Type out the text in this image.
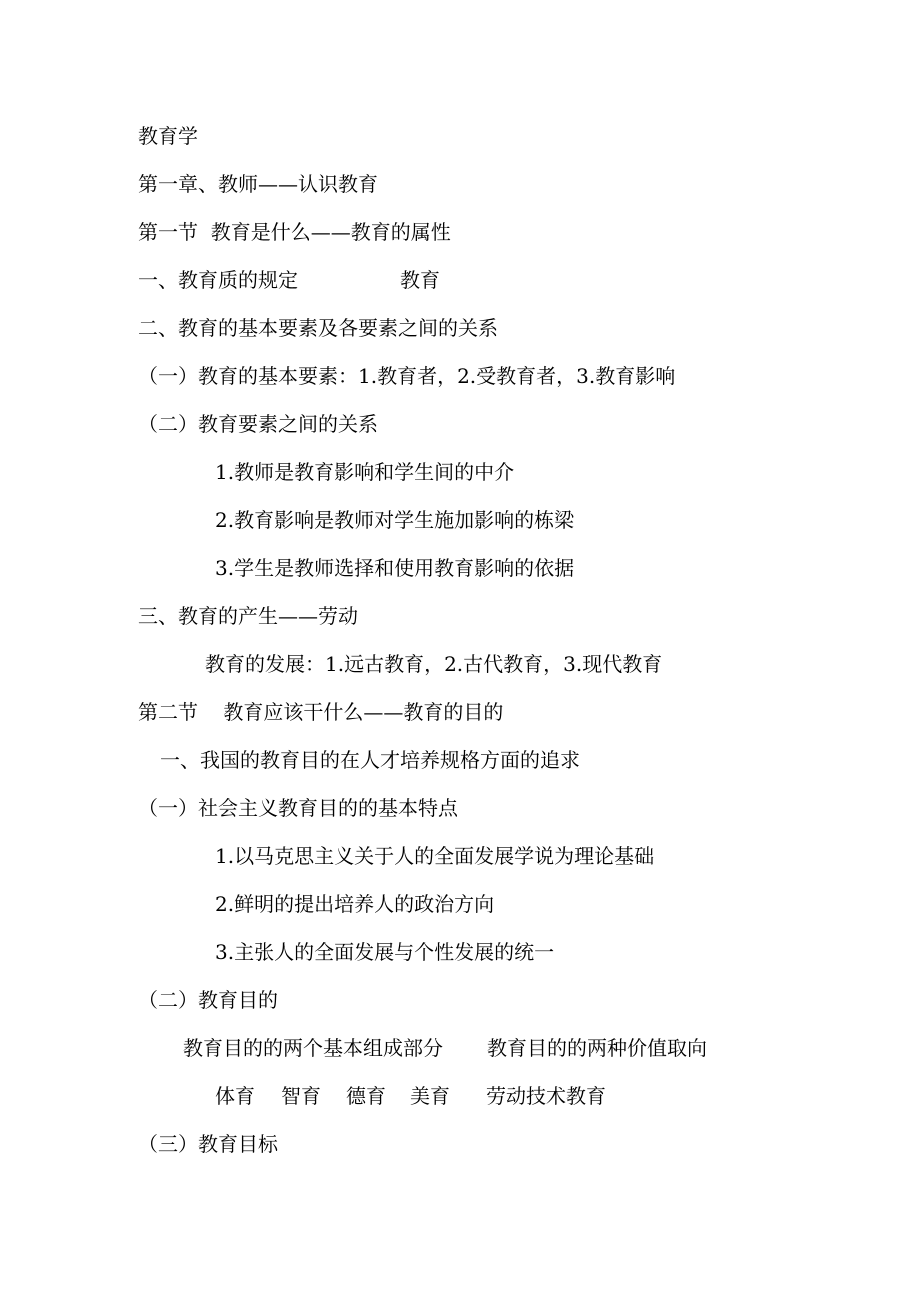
教育学
第一章、教师——认识教育
第一节  教育是什么——教育的属性

一、教育质的规定

	教育

二、教育的基本要素及各要素之间的关系
（一）教育的基本要素：1.教育者，2.受教育者，3.教育影响
（二）教育要素之间的关系
1.教师是教育影响和学生间的中介
2.教育影响是教师对学生施加影响的栋梁
3.学生是教师选择和使用教育影响的依据
三、教育的产生——劳动
教育的发展：1.远古教育，2.古代教育，3.现代教育
第二节    教育应该干什么——教育的目的
一、我国的教育目的在人才培养规格方面的追求
（一）社会主义教育目的的基本特点
1.以马克思主义关于人的全面发展学说为理论基础
2.鲜明的提出培养人的政治方向
3.主张人的全面发展与个性发展的统一
（二）教育目的

教育目的的两个基本组成部分

教育目的的两种价值取向

体育

智育

德育

美育

劳动技术教育

（三）教育目标
